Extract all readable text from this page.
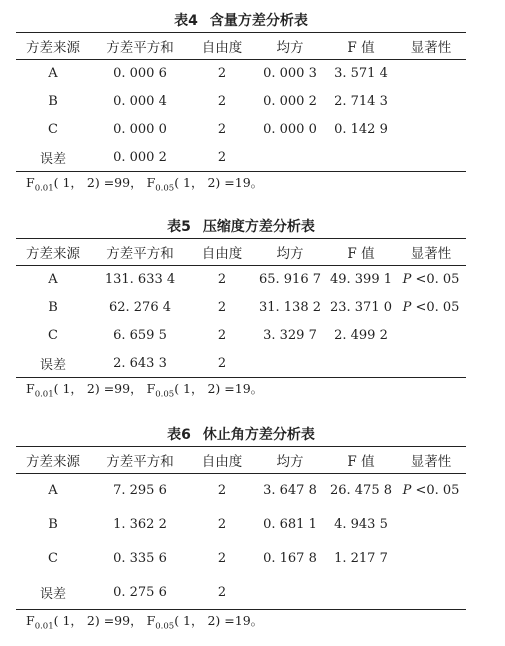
表4 含量方差分析表
方差来源	方差平方和	自由度	均方	F 值	显著性
A	0. 000 6	2	0. 000 3	3. 571 4	
B	0. 000 4	2	0. 000 2	2. 714 3	
C	0. 000 0	2	0. 000 0	0. 142 9	
误差	0. 000 2	2			
$F_{0.01}$( 1， 2) =99， $F_{0.05}$( 1， 2) =19。
表5 压缩度方差分析表
方差来源	方差平方和	自由度	均方	F 值	显著性
A	131. 633 4	2	65. 916 7	49. 399 1	P <0. 05
B	62. 276 4	2	31. 138 2	23. 371 0	P <0. 05
C	6. 659 5	2	3. 329 7	2. 499 2	
误差	2. 643 3	2			
$F_{0.01}$( 1， 2) =99， $F_{0.05}$( 1， 2) =19。
表6 休止角方差分析表
方差来源	方差平方和	自由度	均方	F 值	显著性
A	7. 295 6	2	3. 647 8	26. 475 8	P <0. 05
B	1. 362 2	2	0. 681 1	4. 943 5	
C	0. 335 6	2	0. 167 8	1. 217 7	
误差	0. 275 6	2			
$F_{0.01}$( 1， 2) =99， $F_{0.05}$( 1， 2) =19。
